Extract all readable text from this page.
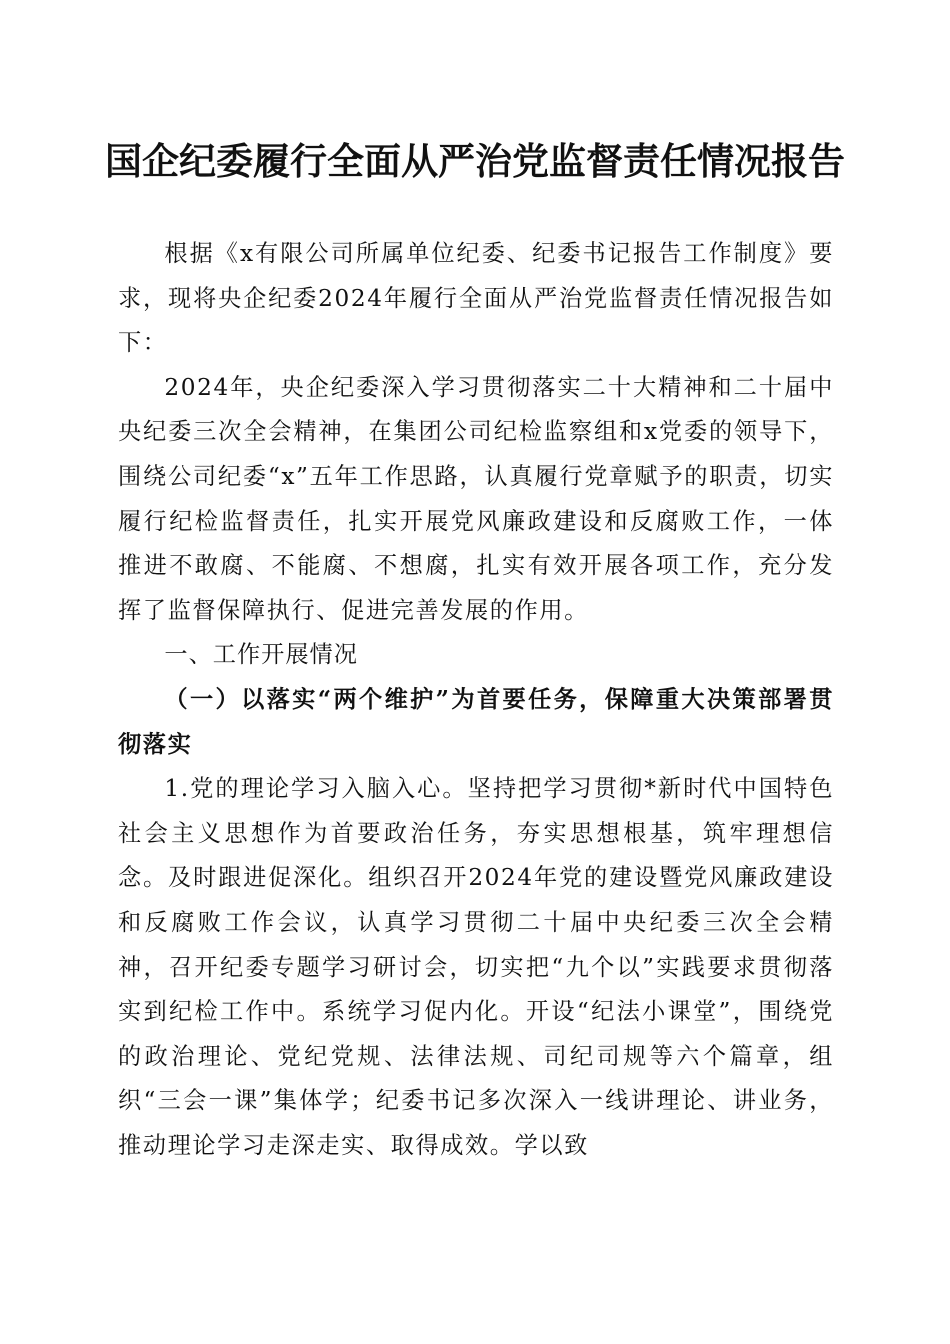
国企纪委履行全面从严治党监督责任情况报告

根据《x有限公司所属单位纪委、纪委书记报告工作制度》要求，现将央企纪委2024年履行全面从严治党监督责任情况报告如下：

2024年，央企纪委深入学习贯彻落实二十大精神和二十届中央纪委三次全会精神，在集团公司纪检监察组和x党委的领导下，围绕公司纪委“x”五年工作思路，认真履行党章赋予的职责，切实履行纪检监督责任，扎实开展党风廉政建设和反腐败工作，一体推进不敢腐、不能腐、不想腐，扎实有效开展各项工作，充分发挥了监督保障执行、促进完善发展的作用。

一、工作开展情况

（一）以落实“两个维护”为首要任务，保障重大决策部署贯彻落实

1.党的理论学习入脑入心。坚持把学习贯彻*新时代中国特色社会主义思想作为首要政治任务，夯实思想根基，筑牢理想信念。及时跟进促深化。组织召开2024年党的建设暨党风廉政建设和反腐败工作会议，认真学习贯彻二十届中央纪委三次全会精神，召开纪委专题学习研讨会，切实把“九个以”实践要求贯彻落实到纪检工作中。系统学习促内化。开设“纪法小课堂”，围绕党的政治理论、党纪党规、法律法规、司纪司规等六个篇章，组织“三会一课”集体学；纪委书记多次深入一线讲理论、讲业务，推动理论学习走深走实、取得成效。学以致
